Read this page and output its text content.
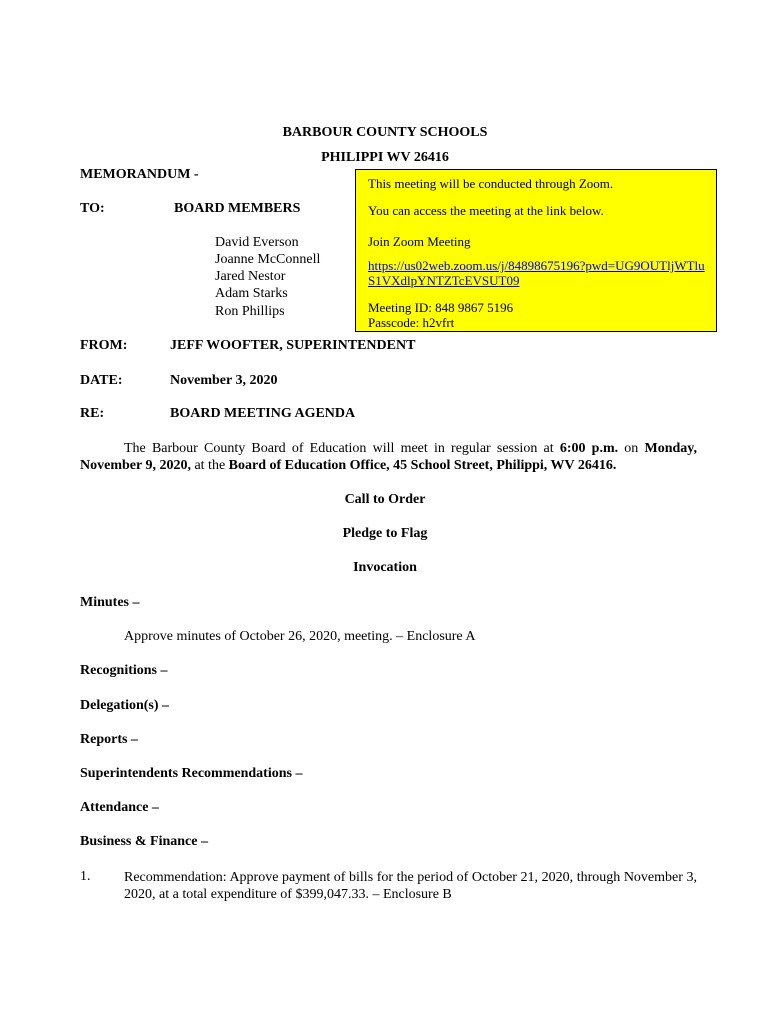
BARBOUR COUNTY SCHOOLS
PHILIPPI WV 26416
MEMORANDUM -
TO:	BOARD MEMBERS
David Everson
Joanne McConnell
Jared Nestor
Adam Starks
Ron Phillips
This meeting will be conducted through Zoom.
You can access the meeting at the link below.
Join Zoom Meeting
https://us02web.zoom.us/j/84898675196?pwd=UG9OUTljWTlu
S1VXdlpYNTZTcEVSUT09
Meeting ID: 848 9867 5196
Passcode: h2vfrt
FROM:	JEFF WOOFTER, SUPERINTENDENT
DATE:	November 3, 2020
RE:	BOARD MEETING AGENDA
The Barbour County Board of Education will meet in regular session at 6:00 p.m. on Monday, November 9, 2020, at the Board of Education Office, 45 School Street, Philippi, WV 26416.
Call to Order
Pledge to Flag
Invocation
Minutes –
Approve minutes of October 26, 2020, meeting. – Enclosure A
Recognitions –
Delegation(s) –
Reports –
Superintendents Recommendations –
Attendance –
Business & Finance –
1. Recommendation: Approve payment of bills for the period of October 21, 2020, through November 3, 2020, at a total expenditure of $399,047.33. – Enclosure B
